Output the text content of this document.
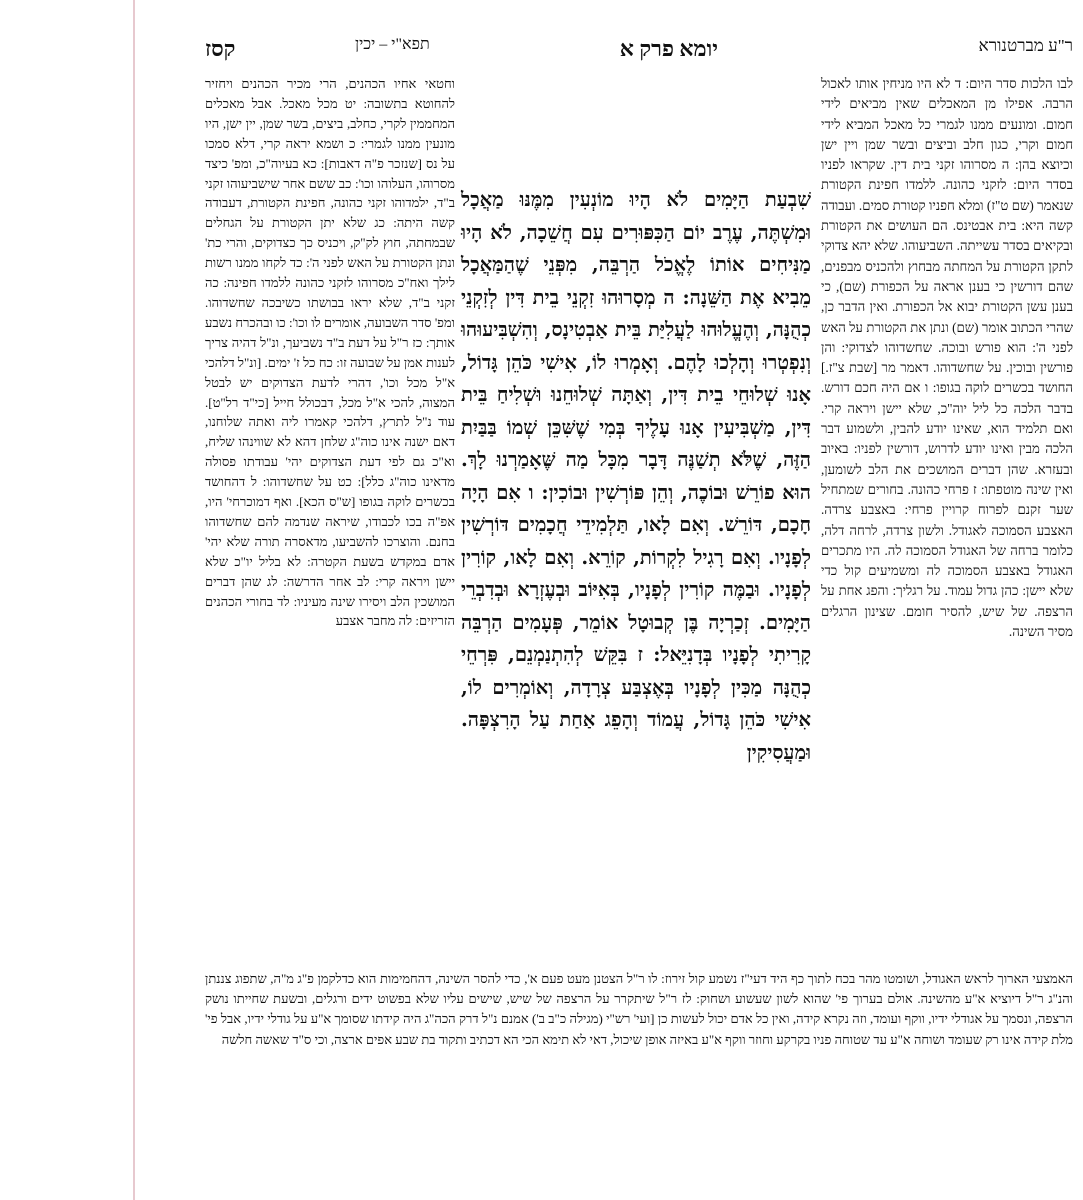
ר"ע מברטנורא
יומא פרק א
תפא"י – יכין
קסז

לבו הלכות סדר היום: ד לא היו מניחין אותו לאכול הרבה. אפילו מן המאכלים שאין מביאים לידי חמום. ומונעים ממנו לגמרי כל מאכל המביא לידי חמום וקרי, כגון חלב וביצים ובשר שמן ויין ישן וכיוצא בהן: ה מסרוהו זקני בית דין. שקראו לפניו בסדר היום: לזקני כהונה. ללמדו חפינת הקטורת שנאמר (שם ט"ז) ומלא חפניו קטורת סמים. ועבודה קשה היא: בית אבטינס. הם העושים את הקטורת ובקיאים בסדר עשייתה. השביעוהו. שלא יהא צדוקי לתקן הקטורת על המחתה מבחוץ ולהכניס מבפנים, שהם דורשין כי בענן אראה על הכפורת (שם), כי בענן עשן הקטורת יבוא אל הכפורת. ואין הדבר כן, שהרי הכתוב אומר (שם) ונתן את הקטורת על האש לפני ה': הוא פורש ובוכה. שחשדוהו לצדוקי: והן פורשין ובוכין. על שחשדוהו. דאמר מר [שבת צ"ז.] החושד בכשרים לוקה בגופו: ו אם היה חכם דורש. בדבר הלכה כל ליל יוה"כ, שלא יישן ויראה קרי. ואם תלמיד הוא, שאינו יודע להבין, ולשמוע דבר הלכה מבין ואינו יודע לדרוש, דורשין לפניו: באיוב ובעזרא. שהן דברים המושכים את הלב לשומען, ואין שינה מוטפתו: ז פרחי כהונה. בחורים שמתחיל שער זקנם לפרוח קרויין פרחי: באצבע צרדה. האצבע הסמוכה לאגודל. ולשון צרדה, לרחה דלה, כלומר ברחה של האגודל הסמוכה לה. היו מתכרים האגודל באצבע הסמוכה לה ומשמיעים קול כדי שלא יישן: כהן גדול עמוד. על רגליך: והפג אחת על הרצפה. של שיש, להסיר חומם. שצינון הרגלים מסיר השינה.

שִׁבְעַת הַיָּמִים לֹא הָיוּ מוֹנְעִין מִמֶּנּוּ מַאֲכָל וּמִשְׁתֶּה, עֶרֶב יוֹם הַכִּפּוּרִים עִם חֲשֵׁכָה, לֹא הָיוּ מַנִּיחִים אוֹתוֹ לֶאֱכֹל הַרְבֵּה, מִפְּנֵי שֶׁהַמַּאֲכָל מֵבִיא אֶת הַשֵּׁנָה: ה מְסָרוּהוּ זִקְנֵי בֵית דִּין לְזִקְנֵי כְהֻנָּה, וְהֶעֱלוּהוּ לַעֲלִיַּת בֵּית אַבְטִינָס, וְהִשְׁבִּיעוּהוּ וְנִפְטְרוּ וְהָלְכוּ לָהֶם. וְאָמְרוּ לוֹ, אִישִׁי כֹּהֵן גָּדוֹל, אָנוּ שְׁלוּחֵי בֵית דִּין, וְאַתָּה שְׁלוּחֵנוּ וּשְׁלִיחַ בֵּית דִּין, מַשְׁבִּיעִין אָנוּ עָלֶיךָ בְּמִי שֶׁשִּׁכֵּן שְׁמוֹ בַּבַּיִת הַזֶּה, שֶׁלֹּא תְשַׁנֶּה דָּבָר מִכָּל מַה שֶּׁאָמַרְנוּ לָךְ. הוּא פוֹרֵשׁ וּבוֹכֶה, וְהֵן פּוֹרְשִׁין וּבוֹכִין: ו אִם הָיָה חָכָם, דּוֹרֵשׁ. וְאִם לָאו, תַּלְמִידֵי חֲכָמִים דּוֹרְשִׁין לְפָנָיו. וְאִם רָגִיל לִקְרוֹת, קוֹרֵא. וְאִם לָאו, קוֹרִין לְפָנָיו. וּבַמֶּה קוֹרִין לְפָנָיו, בְּאִיּוֹב וּבְעֶזְרָא וּבְדִבְרֵי הַיָּמִים. זְכַרְיָה בֶּן קְבוּטָל אוֹמֵר, פְּעָמִים הַרְבֵּה קָרִיתִי לְפָנָיו בְּדָנִיֵּאל: ז בִּקֵּשׁ לְהִתְנַמְנֵם, פִּרְחֵי כְהֻנָּה מַכִּין לְפָנָיו בְּאֶצְבַּע צְרָדָה, וְאוֹמְרִים לוֹ, אִישִׁי כֹּהֵן גָּדוֹל, עֲמוֹד וְהָפֵג אַחַת עַל הָרִצְפָּה. וּמַעֲסִיקִין

וחטאי אחיו הכהנים, הרי מכיר הכהנים ויחזיר להחוטא בתשובה: יט מכל מאכל. אבל מאכלים המחממין לקרי, כחלב, ביצים, בשר שמן, יין ישן, היו מונעין ממנו לגמרי: כ ושמא יראה קרי, דלא סמכו על נס [שנזכר פ"ה דאבות]: כא בעיוה"כ, ומפ' כיצד מסרוהו, העלוהו וכו': כב ששם אחר שישביעוהו זקני ב"ד, ילמדוהו זקני כהונה, חפינת הקטורת, דעבודה קשה היתה: כג שלא יתן הקטורת על הגחלים שבמחתה, חוץ לק"ק, ויכניס כך כצדוקים, והרי כת' ונתן הקטורת על האש לפני ה': כד לקחו ממנו רשות לילך ואח"כ מסרוהו לזקני כהונה ללמדו חפינה: כה זקני ב"ד, שלא יראו בבושתו כשיבכה שחשדוהו. ומפ' סדר השבועה, אומרים לו וכו': כו ובהכרח נשבע אותך: כז ר"ל על דעת ב"ד נשביעך, ונ"ל דהיה צריך לענות אמן על שבועה זו: כח כל ז' ימים. [ונ"ל דלהכי א"ל מכל וכו', דהרי לדעת הצדוקים יש לבטל המצוה, להכי א"ל מכל, דבכולל חייל [כי"ד רל"ט]. עוד נ"ל לתרץ, דלהכי קאמרו ליה ואתה שלוחנו, דאם ישנה אינו כוה"ג שלחן דהא לא שווינהו שליח, וא"כ גם לפי דעת הצדוקים יהי' עבודתו פסולה מדאינו כוה"ג כלל]: כט על שחשדוהו: ל דהחושד בכשרים לוקה בגופו [ש"ס הכא]. ואף דמוכרחי' היו, אפ"ה בכו לכבודו, שיראה שנדמה להם שחשדוהו בחנם. והוצרכו להשביעו, מדאסרה תורה שלא יהי' אדם במקדש בשעת הקטרה: לא בליל יו"כ שלא יישן ויראה קרי: לב אחר הדרשה: לג שהן דברים המושכין הלב ויסירו שינה מעיניו: לד בחורי הכהנים הזריזים: לה מחבר אצבע

האמצעי הארוך לראש האגודל, ושומטו מהר בכח לתוך כף היד דעי"ז נשמע קול זירוז: לו ר"ל הצטנן מעט פעם א', כדי להסר השינה, דהחמימות הוא כדלקמן פ"ג מ"ה, שתפוג צננתן והנ"ג ר"ל דיוציא א"ע מהשינה. אולם בערוך פי' שהוא לשון שעשוע ושחוק: לז ר"ל שיתקרר על הרצפה של שיש, שישים עליו שלא בפשוט ידים ורגלים, ובשעת שחייתו נושק הרצפה, ונסמך על אגודלי ידיו, ווקף ועומד, וזה נקרא קידה, ואין כל אדם יכול לעשות כן [ועי' רש"י (מגילה כ"ב ב') אמנם נ"ל דרק הכה"ג היה קידתו שסומך א"ע על גודלי ידיו, אבל פי' מלת קידה אינו רק שעומד ושוחה א"ע עד שטוחה פניו בקרקע וחוזר ווקף א"ע באיזה אופן שיכול, דאי לא תימא הכי הא דכתיב ותקוד בת שבע אפים ארצה, וכי ס"ד שאשה חלשה
